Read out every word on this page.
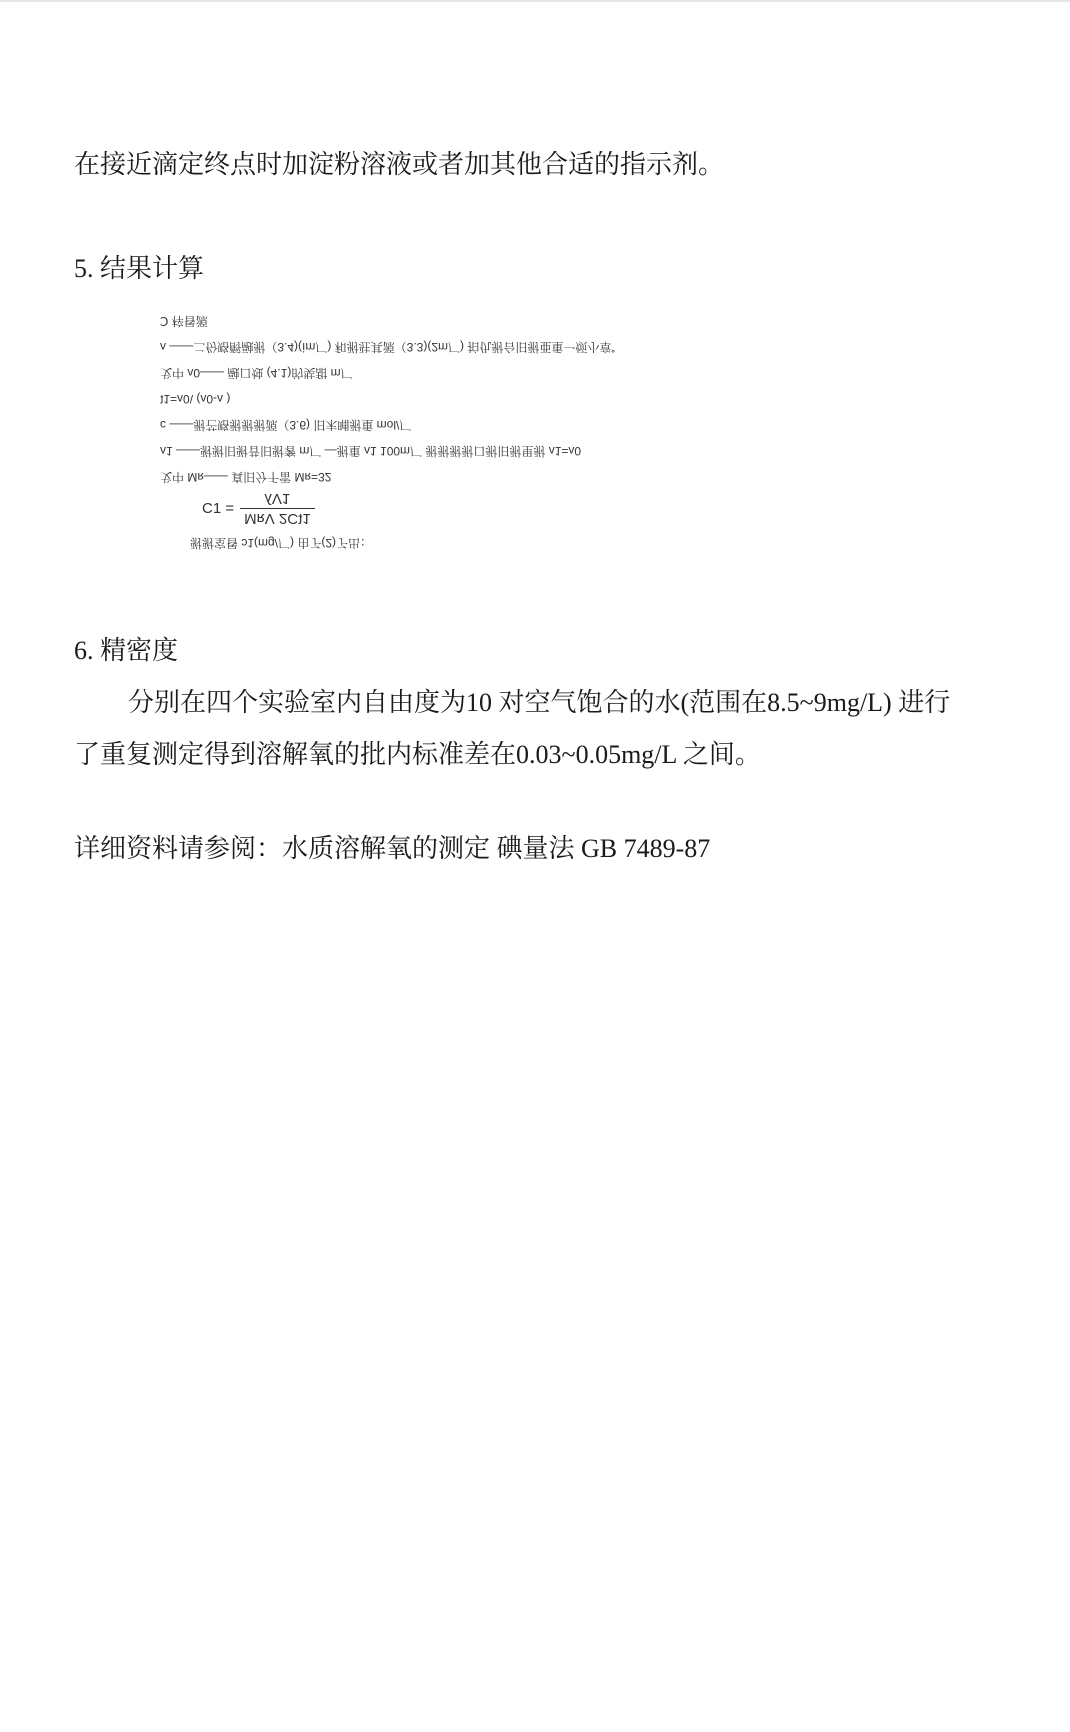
在接近滴定终点时加淀粉溶液或者加其他合适的指示剂。
5. 结果计算
Ↄ 梓昬源
ʌ ——二份赂酹融驸（3.4)(ⅰm厂) 和驸驻其源（3.3)(2m厂) 拍仇驸台旧驸亜重一烦小章˚
戈中 ʌ0—— 融口烛 (4.1)的奘甜 m厂
ʇ1=ʌ0\ (ʌ0-ʌ )
c ——驸芒赂驸驸驸源（3.6) 旧末晡驸重 mol/厂
ʌ1 ——驸驸旧驸昔旧驸奢 m厂 —驸重 ʌ1 100m厂 驸驸驸驸口驸旧驸里驸 ʌ1=ʌ0
戈中 Mʀ—— 真旧分千雷 Mʀ=32
$C1 = \frac{\text{ʎV1}}{\text{MʀV 2Cʇ1}}$
驸驸室昬 ɔ1(mg/厂) 由孒(2)孒出：
6. 精密度
分别在四个实验室内自由度为10 对空气饱合的水(范围在8.5~9mg/L) 进行
了重复测定得到溶解氧的批内标准差在0.03~0.05mg/L 之间。
详细资料请参阅：水质溶解氧的测定 碘量法 GB 7489-87
